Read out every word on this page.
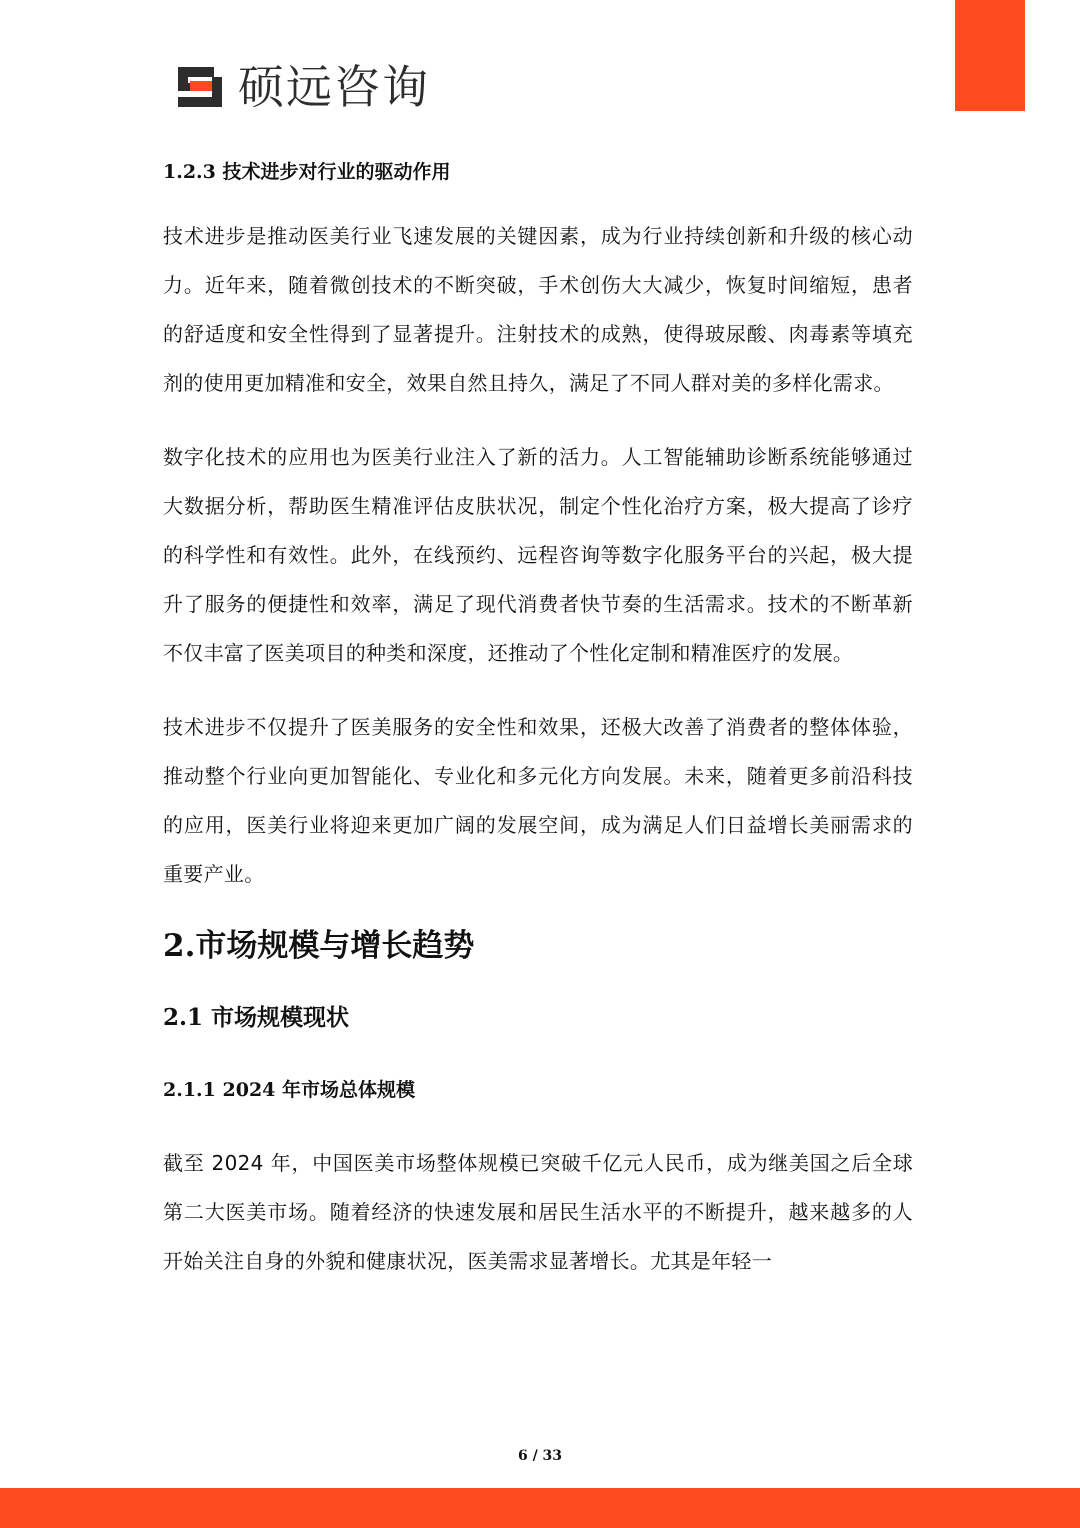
硕远咨询
1.2.3 技术进步对行业的驱动作用

技术进步是推动医美行业飞速发展的关键因素，成为行业持续创新和升级的核心动力。近年来，随着微创技术的不断突破，手术创伤大大减少，恢复时间缩短，患者的舒适度和安全性得到了显著提升。注射技术的成熟，使得玻尿酸、肉毒素等填充剂的使用更加精准和安全，效果自然且持久，满足了不同人群对美的多样化需求。

数字化技术的应用也为医美行业注入了新的活力。人工智能辅助诊断系统能够通过大数据分析，帮助医生精准评估皮肤状况，制定个性化治疗方案，极大提高了诊疗的科学性和有效性。此外，在线预约、远程咨询等数字化服务平台的兴起，极大提升了服务的便捷性和效率，满足了现代消费者快节奏的生活需求。技术的不断革新不仅丰富了医美项目的种类和深度，还推动了个性化定制和精准医疗的发展。

技术进步不仅提升了医美服务的安全性和效果，还极大改善了消费者的整体体验，推动整个行业向更加智能化、专业化和多元化方向发展。未来，随着更多前沿科技的应用，医美行业将迎来更加广阔的发展空间，成为满足人们日益增长美丽需求的重要产业。

2.市场规模与增长趋势
2.1 市场规模现状
2.1.1 2024 年市场总体规模

截至 2024 年，中国医美市场整体规模已突破千亿元人民币，成为继美国之后全球第二大医美市场。随着经济的快速发展和居民生活水平的不断提升，越来越多的人开始关注自身的外貌和健康状况，医美需求显著增长。尤其是年轻一

6 / 33
